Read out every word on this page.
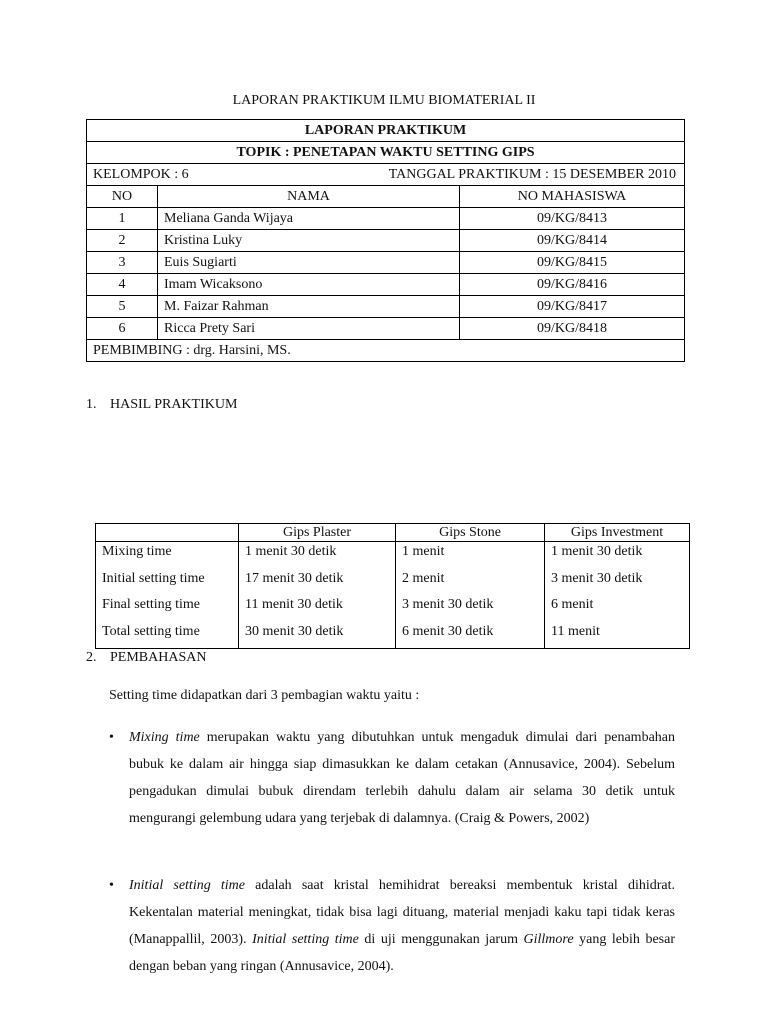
LAPORAN PRAKTIKUM ILMU BIOMATERIAL II
LAPORAN PRAKTIKUM		
TOPIK : PENETAPAN WAKTU SETTING GIPS		

KELOMPOK : 6 TANGGAL PRAKTIKUM : 15 DESEMBER 2010		

NO	NAMA	NO MAHASISWA
1	Meliana Ganda Wijaya	09/KG/8413
2	Kristina Luky	09/KG/8414
3	Euis Sugiarti	09/KG/8415
4	Imam Wicaksono	09/KG/8416
5	M. Faizar Rahman	09/KG/8417
6	Ricca Prety Sari	09/KG/8418
PEMBIMBING : drg. Harsini, MS.		
1. HASIL PRAKTIKUM
	Gips Plaster	Gips Stone	Gips Investment
Mixing time	1 menit 30 detik	1 menit	1 menit 30 detik
Initial setting time	17 menit 30 detik	2 menit	3 menit 30 detik
Final setting time	11 menit 30 detik	3 menit 30 detik	6 menit
Total setting time	30 menit 30 detik	6 menit 30 detik	11 menit
2. PEMBAHASAN
Setting time didapatkan dari 3 pembagian waktu yaitu :
• Mixing time merupakan waktu yang dibutuhkan untuk mengaduk dimulai dari penambahan bubuk ke dalam air hingga siap dimasukkan ke dalam cetakan (Annusavice, 2004). Sebelum pengadukan dimulai bubuk direndam terlebih dahulu dalam air selama 30 detik untuk mengurangi gelembung udara yang terjebak di dalamnya. (Craig & Powers, 2002)
• Initial setting time adalah saat kristal hemihidrat bereaksi membentuk kristal dihidrat. Kekentalan material meningkat, tidak bisa lagi dituang, material menjadi kaku tapi tidak keras (Manappallil, 2003). Initial setting time di uji menggunakan jarum Gillmore yang lebih besar dengan beban yang ringan (Annusavice, 2004).
